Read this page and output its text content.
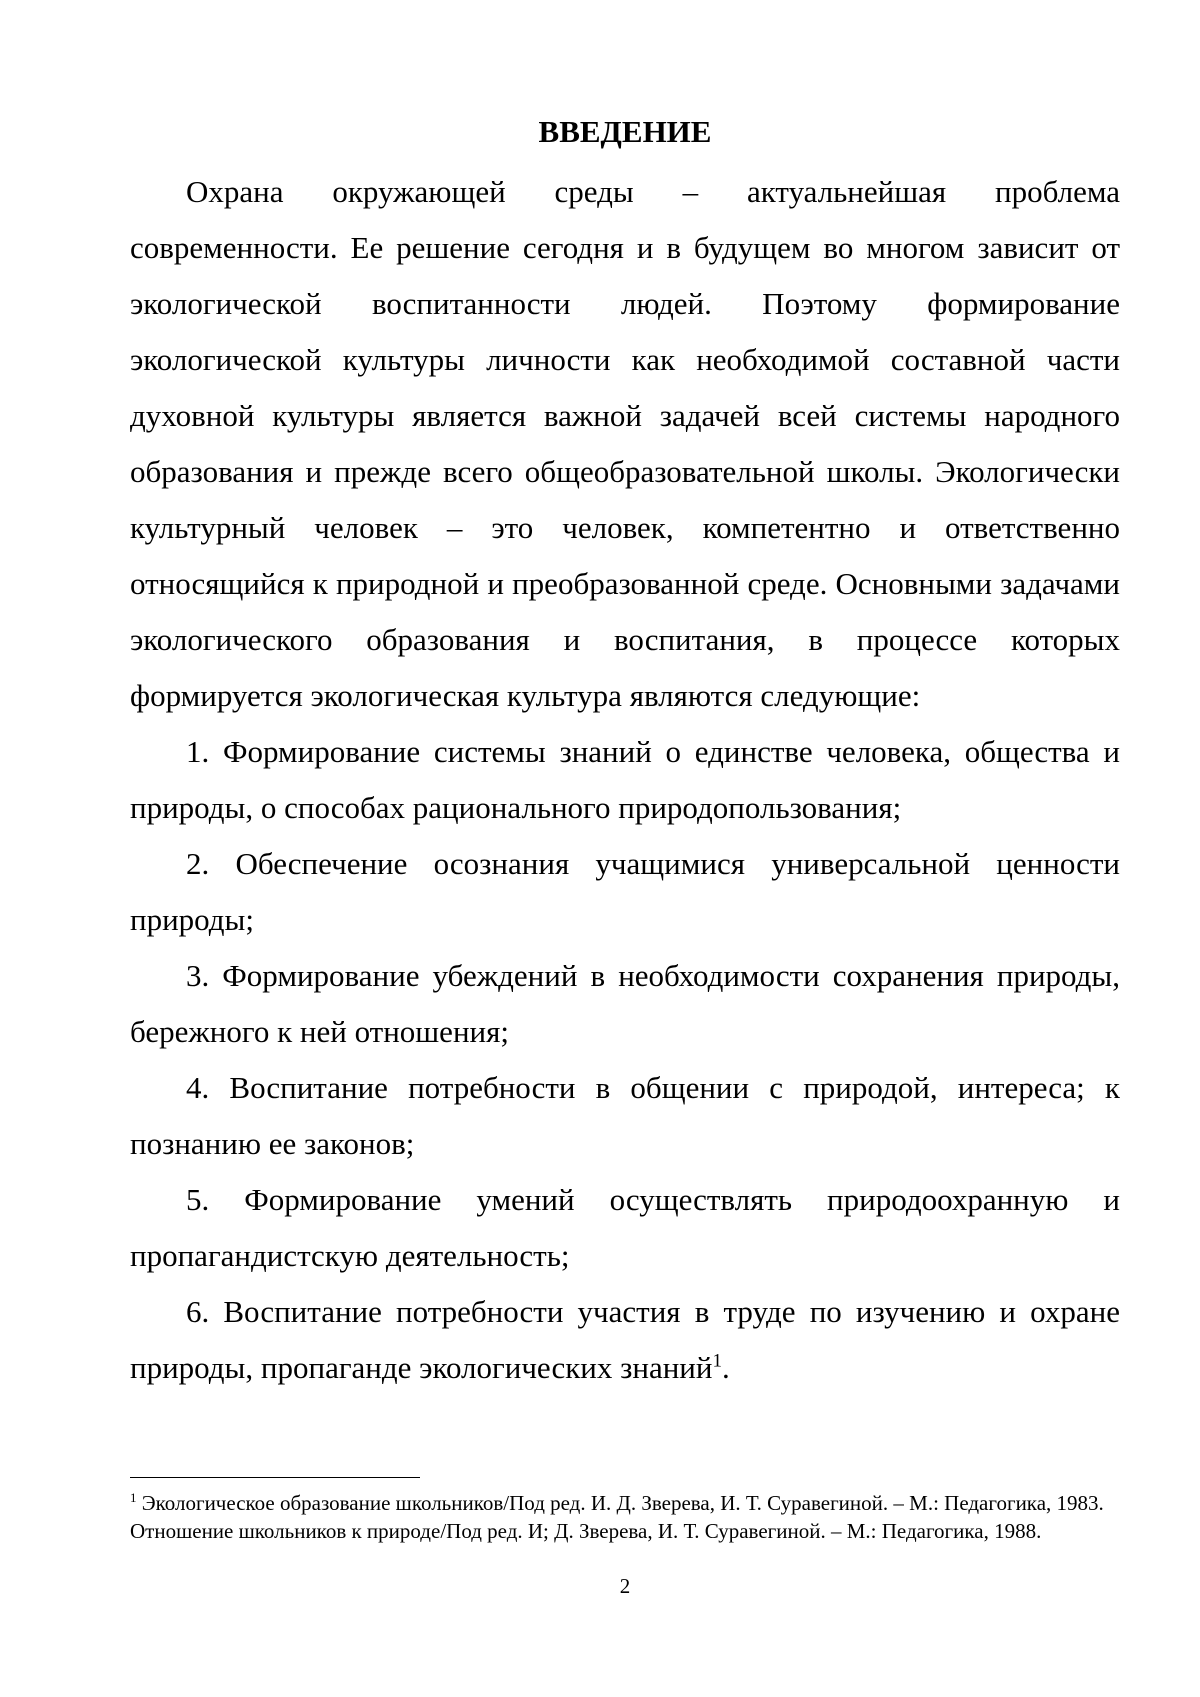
ВВЕДЕНИЕ

Охрана окружающей среды – актуальнейшая проблема современности. Ее решение сегодня и в будущем во многом зависит от экологической воспитанности людей. Поэтому формирование экологической культуры личности как необходимой составной части духовной культуры является важной задачей всей системы народного образования и прежде всего общеобразовательной школы. Экологически культурный человек – это человек, компетентно и ответственно относящийся к природной и преобразованной среде. Основными задачами экологического образования и воспитания, в процессе которых формируется экологическая культура являются следующие:

1. Формирование системы знаний о единстве человека, общества и природы, о способах рационального природопользования;

2. Обеспечение осознания учащимися универсальной ценности природы;

3. Формирование убеждений в необходимости сохранения природы, бережного к ней отношения;

4. Воспитание потребности в общении с природой, интереса; к познанию ее законов;

5. Формирование умений осуществлять природоохранную и пропагандистскую деятельность;

6. Воспитание потребности участия в труде по изучению и охране природы, пропаганде экологических знаний$^1$.

$^1$ Экологическое образование школьников/Под ред. И. Д. Зверева, И. Т. Суравегиной. – М.: Педагогика, 1983. Отношение школьников к природе/Под ред. И; Д. Зверева, И. Т. Суравегиной. – М.: Педагогика, 1988.

2
